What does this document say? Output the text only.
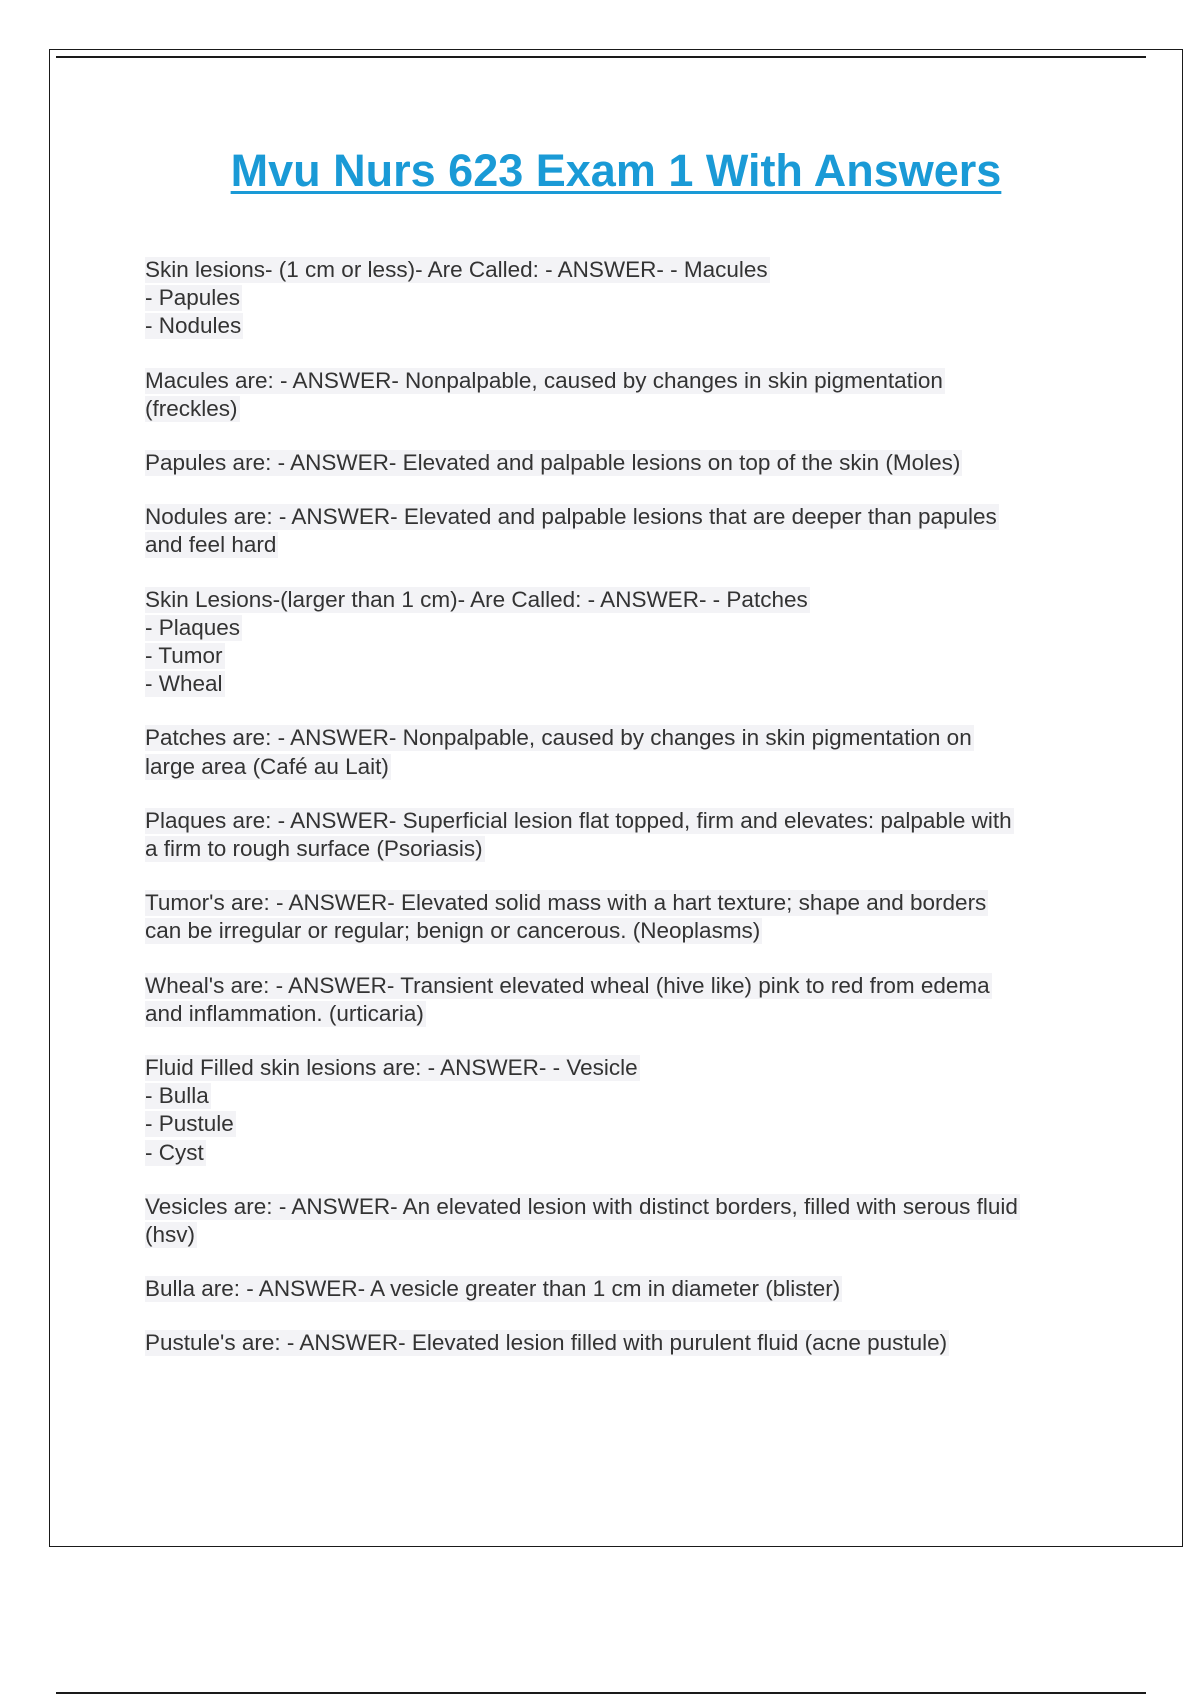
Mvu Nurs 623 Exam 1 With Answers
Skin lesions- (1 cm or less)- Are Called: - ANSWER- - Macules
- Papules
- Nodules
Macules are: - ANSWER- Nonpalpable, caused by changes in skin pigmentation
(freckles)
Papules are: - ANSWER- Elevated and palpable lesions on top of the skin (Moles)
Nodules are: - ANSWER- Elevated and palpable lesions that are deeper than papules
and feel hard
Skin Lesions-(larger than 1 cm)- Are Called: - ANSWER- - Patches
- Plaques
- Tumor
- Wheal
Patches are: - ANSWER- Nonpalpable, caused by changes in skin pigmentation on
large area (Café au Lait)
Plaques are: - ANSWER- Superficial lesion flat topped, firm and elevates: palpable with
a firm to rough surface (Psoriasis)
Tumor's are: - ANSWER- Elevated solid mass with a hart texture; shape and borders
can be irregular or regular; benign or cancerous. (Neoplasms)
Wheal's are: - ANSWER- Transient elevated wheal (hive like) pink to red from edema
and inflammation. (urticaria)
Fluid Filled skin lesions are: - ANSWER- - Vesicle
- Bulla
- Pustule
- Cyst
Vesicles are: - ANSWER- An elevated lesion with distinct borders, filled with serous fluid
(hsv)
Bulla are: - ANSWER- A vesicle greater than 1 cm in diameter (blister)
Pustule's are: - ANSWER- Elevated lesion filled with purulent fluid (acne pustule)
